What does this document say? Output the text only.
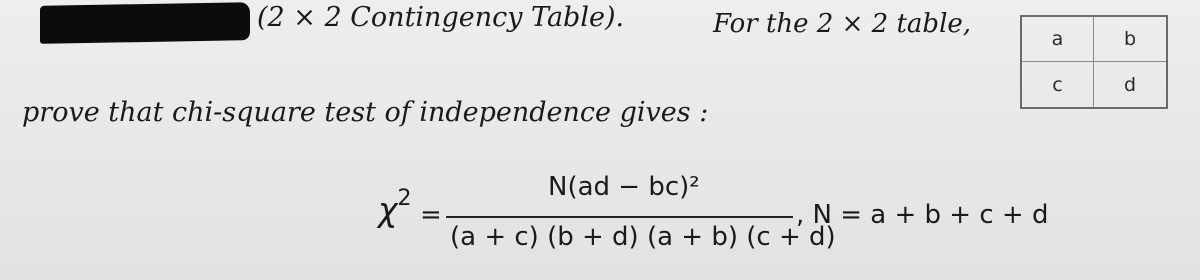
(2 × 2 Contingency Table).	For the 2 × 2 table,	a	b
c	d
prove that chi-square test of independence gives :
$\chi^2$
=
N(ad − bc)²
(a + c) (b + d) (a + b) (c + d)
, N = a + b + c + d
